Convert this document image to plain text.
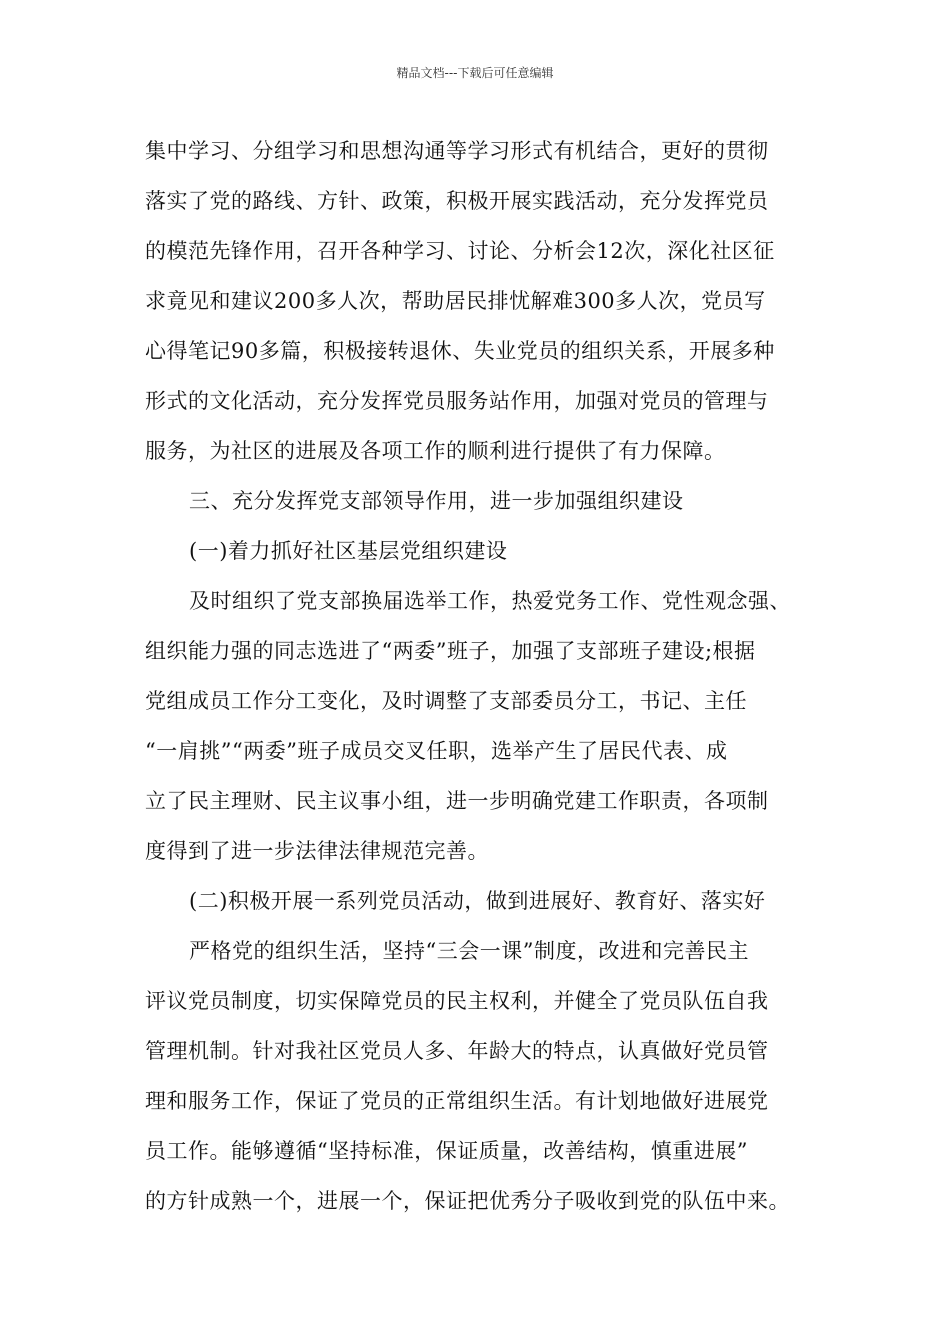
精品文档---下载后可任意编辑
集中学习、分组学习和思想沟通等学习形式有机结合，更好的贯彻
落实了党的路线、方针、政策，积极开展实践活动，充分发挥党员
的模范先锋作用，召开各种学习、讨论、分析会12次，深化社区征
求竟见和建议200多人次，帮助居民排忧解难300多人次，党员写
心得笔记90多篇，积极接转退休、失业党员的组织关系，开展多种
形式的文化活动，充分发挥党员服务站作用，加强对党员的管理与
服务，为社区的进展及各项工作的顺利进行提供了有力保障。
三、充分发挥党支部领导作用，进一步加强组织建设
(一)着力抓好社区基层党组织建设
及时组织了党支部换届选举工作，热爱党务工作、党性观念强、
组织能力强的同志选进了“两委”班子，加强了支部班子建设;根据
党组成员工作分工变化，及时调整了支部委员分工，书记、主任
“一肩挑”“两委”班子成员交叉任职，选举产生了居民代表、成
立了民主理财、民主议事小组，进一步明确党建工作职责，各项制
度得到了进一步法律法律规范完善。
(二)积极开展一系列党员活动，做到进展好、教育好、落实好
严格党的组织生活，坚持“三会一课”制度，改进和完善民主
评议党员制度，切实保障党员的民主权利，并健全了党员队伍自我
管理机制。针对我社区党员人多、年龄大的特点，认真做好党员管
理和服务工作，保证了党员的正常组织生活。有计划地做好进展党
员工作。能够遵循“坚持标准，保证质量，改善结构，慎重进展”
的方针成熟一个，进展一个，保证把优秀分子吸收到党的队伍中来。
